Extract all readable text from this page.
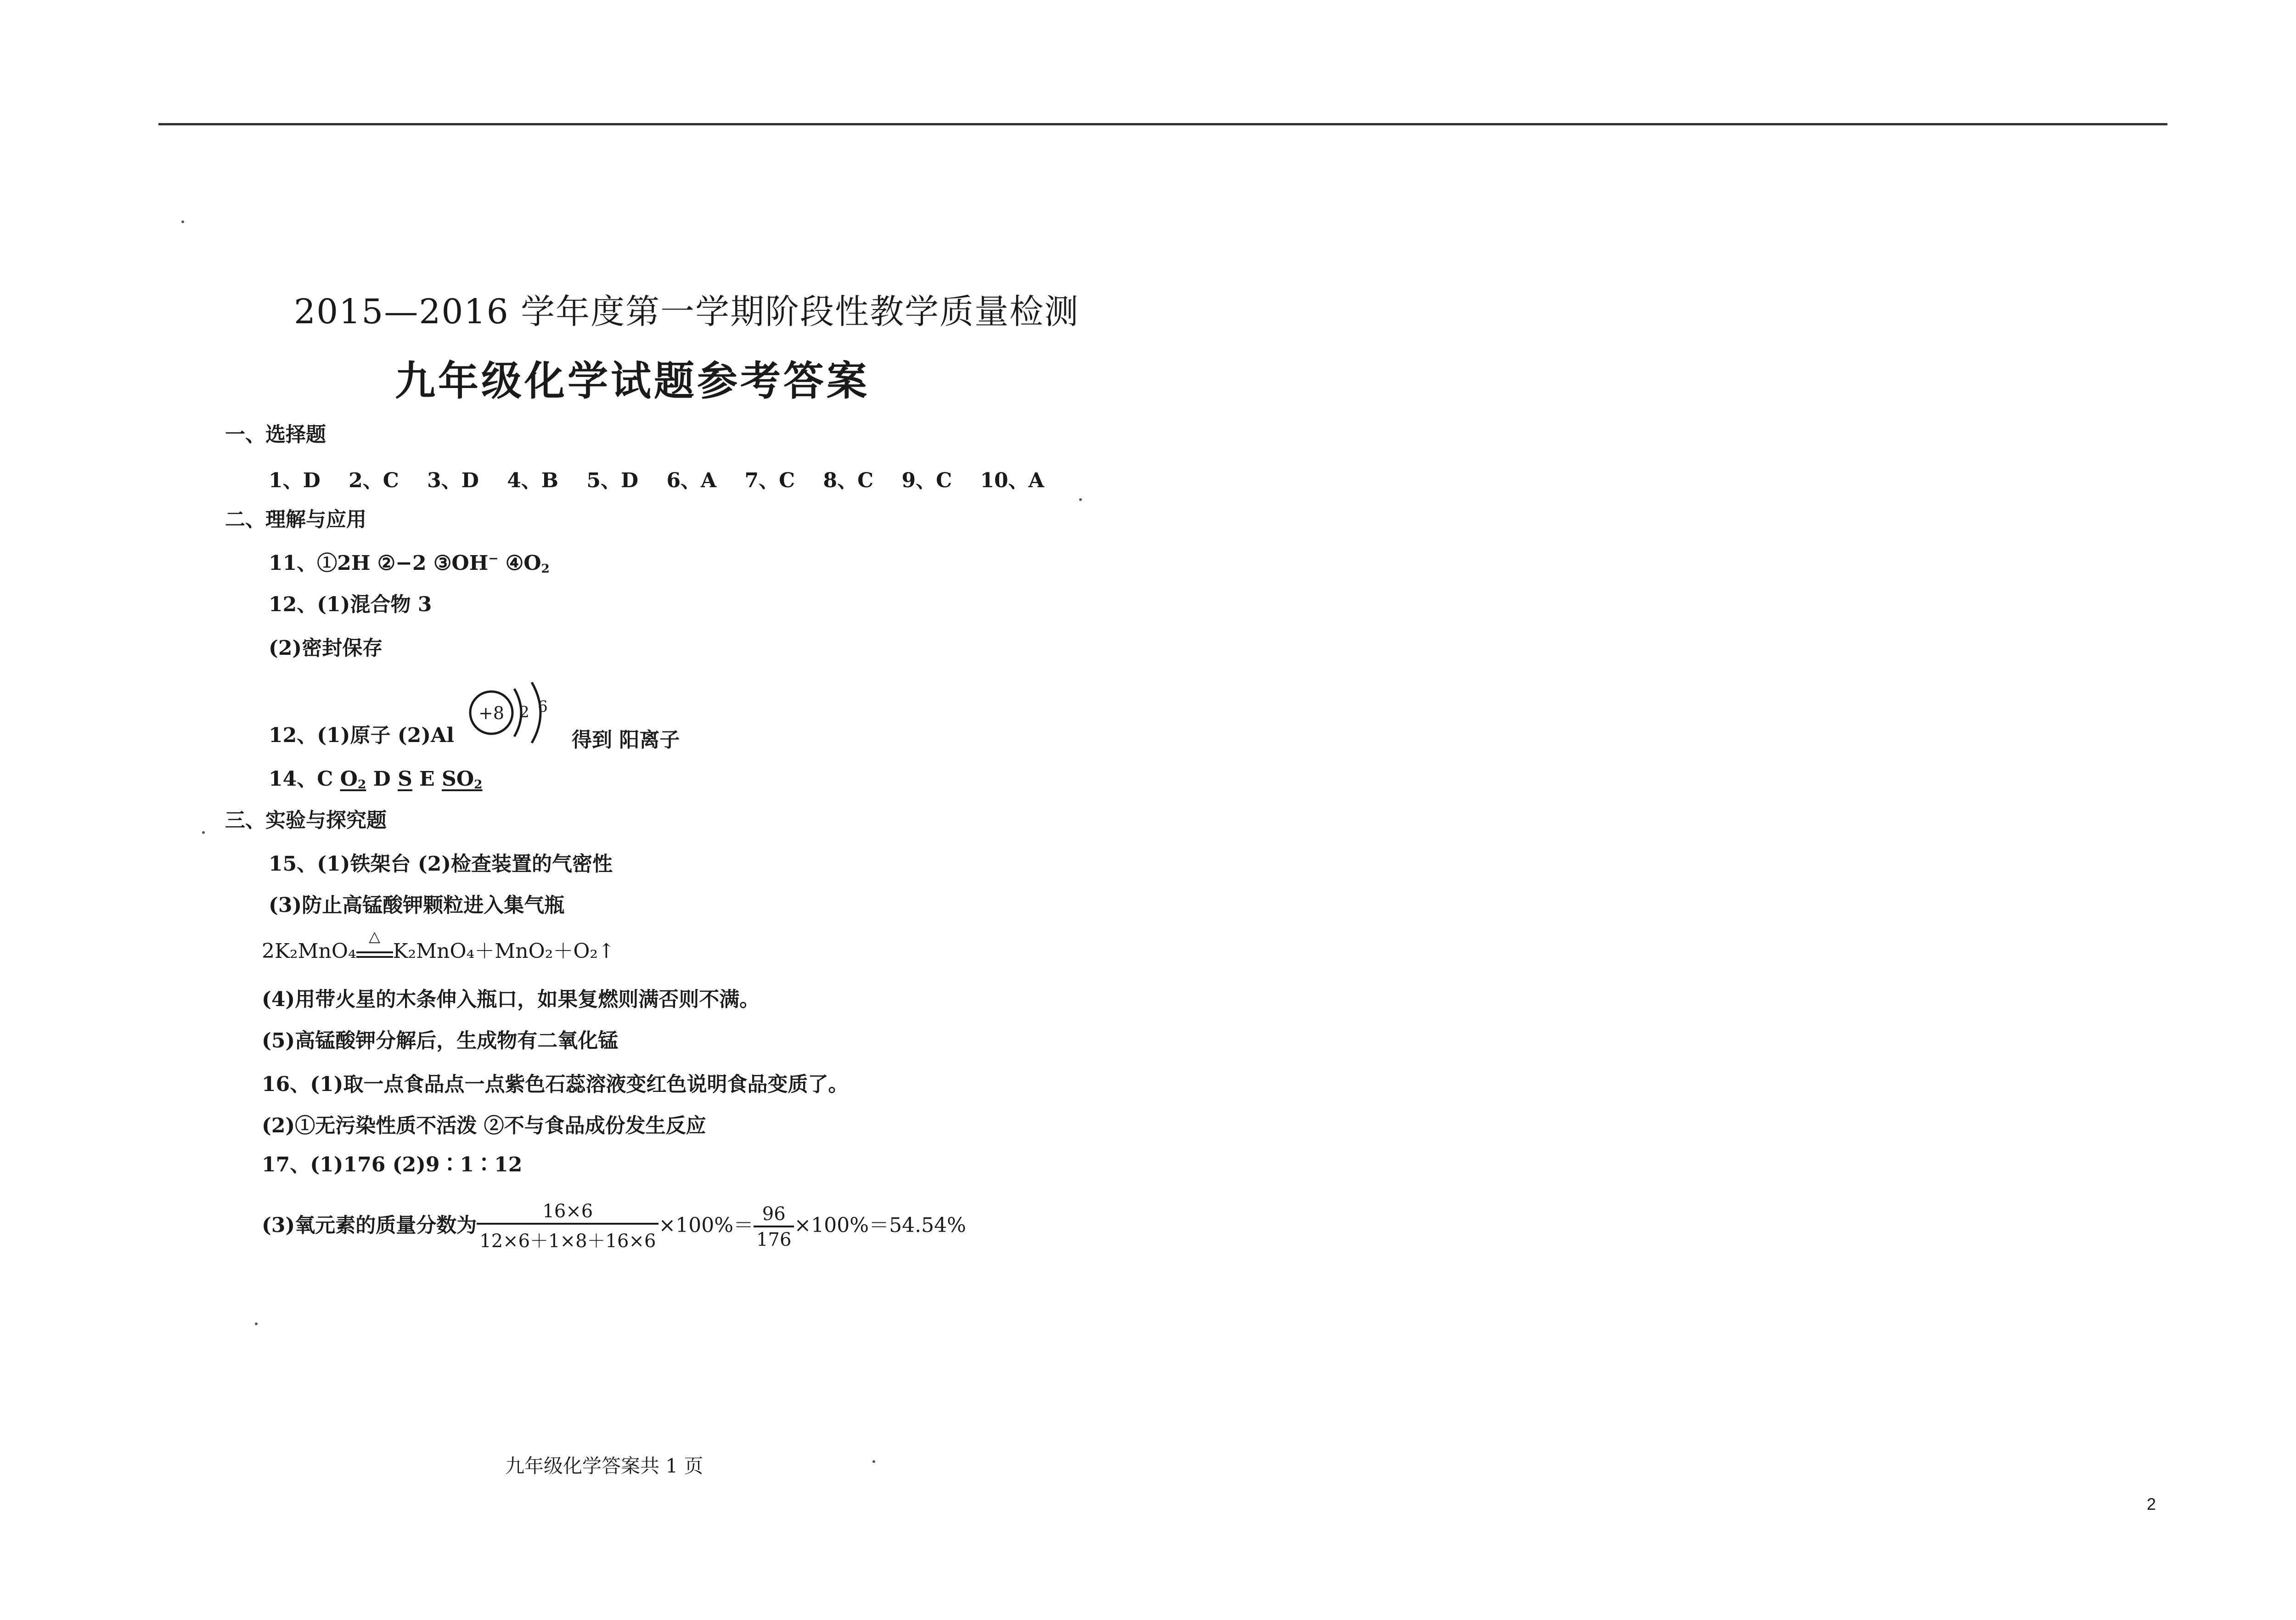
2015—2016 学年度第一学期阶段性教学质量检测
九年级化学试题参考答案
一、选择题
1、D 2、C 3、D 4、B 5、D 6、A 7、C 8、C 9、C 10、A
二、理解与应用
11、①2H ②−2 ③OH− $④O_2$
12、(1)混合物 3
(2)密封保存
12、(1)原子 (2)Al
+8 2 6
得到 阳离子
14、C $O_2$ D S E $SO_2$
三、实验与探究题
15、(1)铁架台 (2)检查装置的气密性
(3)防止高锰酸钾颗粒进入集气瓶
2K₂MnO₄
△
K₂MnO₄＋MnO₂＋O₂↑
(4)用带火星的木条伸入瓶口，如果复燃则满否则不满。
(5)高锰酸钾分解后，生成物有二氧化锰
16、(1)取一点食品点一点紫色石蕊溶液变红色说明食品变质了。
(2)①无污染性质不活泼 ②不与食品成份发生反应
17、(1)176 (2)9∶1∶12
(3)氧元素的质量分数为 $\frac{16\times 6}{12\times 6+1\times 8+16\times 6} \times 100\%= \frac{96}{176} \times 100\%=54.54\%$
九年级化学答案共 1 页
2
